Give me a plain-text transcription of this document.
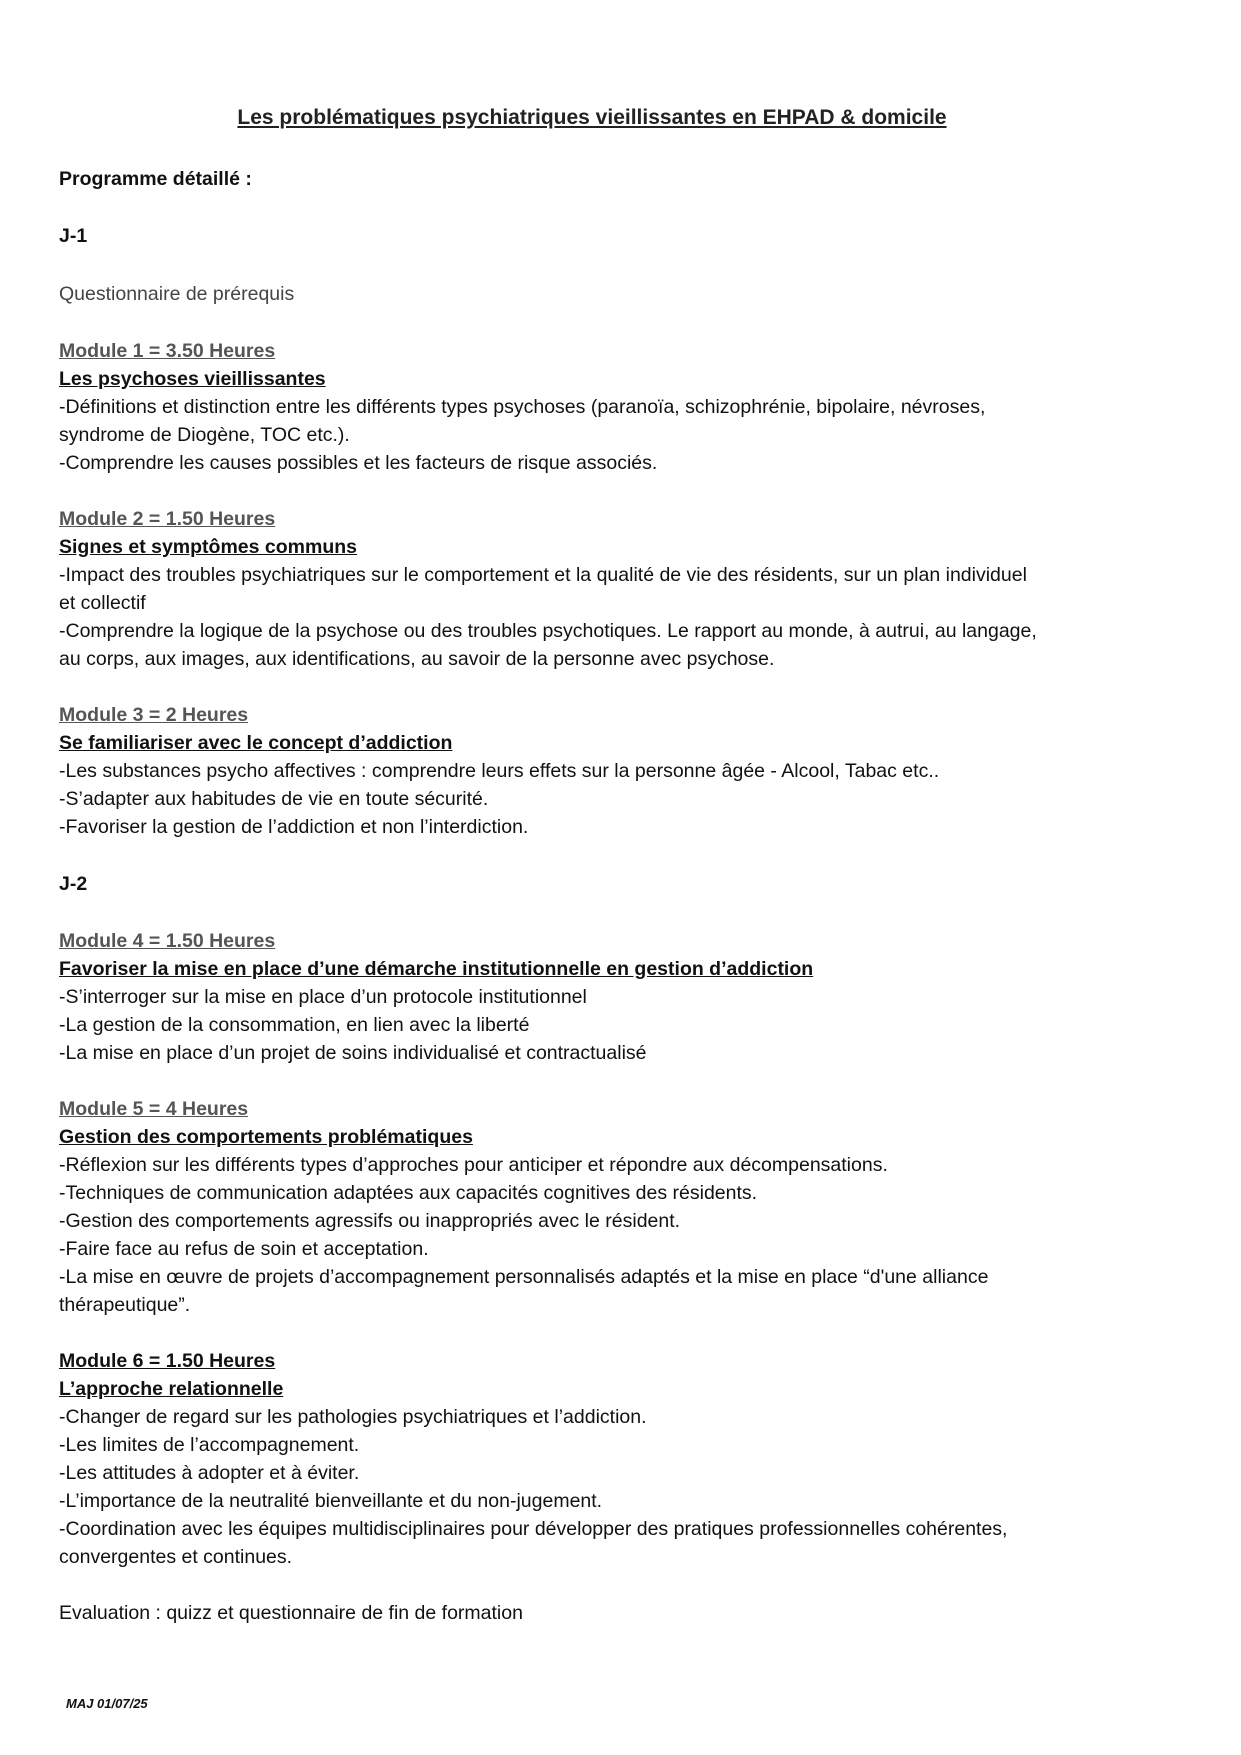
Les problématiques psychiatriques vieillissantes en EHPAD & domicile
Programme détaillé :
J-1
Questionnaire de prérequis
Module 1 = 3.50 Heures
Les psychoses vieillissantes
-Définitions et distinction entre les différents types psychoses (paranoïa, schizophrénie, bipolaire, névroses,
syndrome de Diogène, TOC etc.).
-Comprendre les causes possibles et les facteurs de risque associés.
Module 2 = 1.50 Heures
Signes et symptômes communs
-Impact des troubles psychiatriques sur le comportement et la qualité de vie des résidents, sur un plan individuel
et collectif
-Comprendre la logique de la psychose ou des troubles psychotiques. Le rapport au monde, à autrui, au langage,
au corps, aux images, aux identifications, au savoir de la personne avec psychose.
Module 3 = 2 Heures
Se familiariser avec le concept d’addiction
-Les substances psycho affectives : comprendre leurs effets sur la personne âgée - Alcool, Tabac etc..
-S’adapter aux habitudes de vie en toute sécurité.
-Favoriser la gestion de l’addiction et non l’interdiction.
J-2
Module 4 = 1.50 Heures
Favoriser la mise en place d’une démarche institutionnelle en gestion d’addiction
-S’interroger sur la mise en place d’un protocole institutionnel
-La gestion de la consommation, en lien avec la liberté
-La mise en place d’un projet de soins individualisé et contractualisé
Module 5 = 4 Heures
Gestion des comportements problématiques
-Réflexion sur les différents types d’approches pour anticiper et répondre aux décompensations.
-Techniques de communication adaptées aux capacités cognitives des résidents.
-Gestion des comportements agressifs ou inappropriés avec le résident.
-Faire face au refus de soin et acceptation.
-La mise en œuvre de projets d’accompagnement personnalisés adaptés et la mise en place “d'une alliance
thérapeutique”.
Module 6 = 1.50 Heures
L’approche relationnelle
-Changer de regard sur les pathologies psychiatriques et l’addiction.
-Les limites de l’accompagnement.
-Les attitudes à adopter et à éviter.
-L’importance de la neutralité bienveillante et du non-jugement.
-Coordination avec les équipes multidisciplinaires pour développer des pratiques professionnelles cohérentes,
convergentes et continues.
Evaluation : quizz et questionnaire de fin de formation
MAJ 01/07/25
